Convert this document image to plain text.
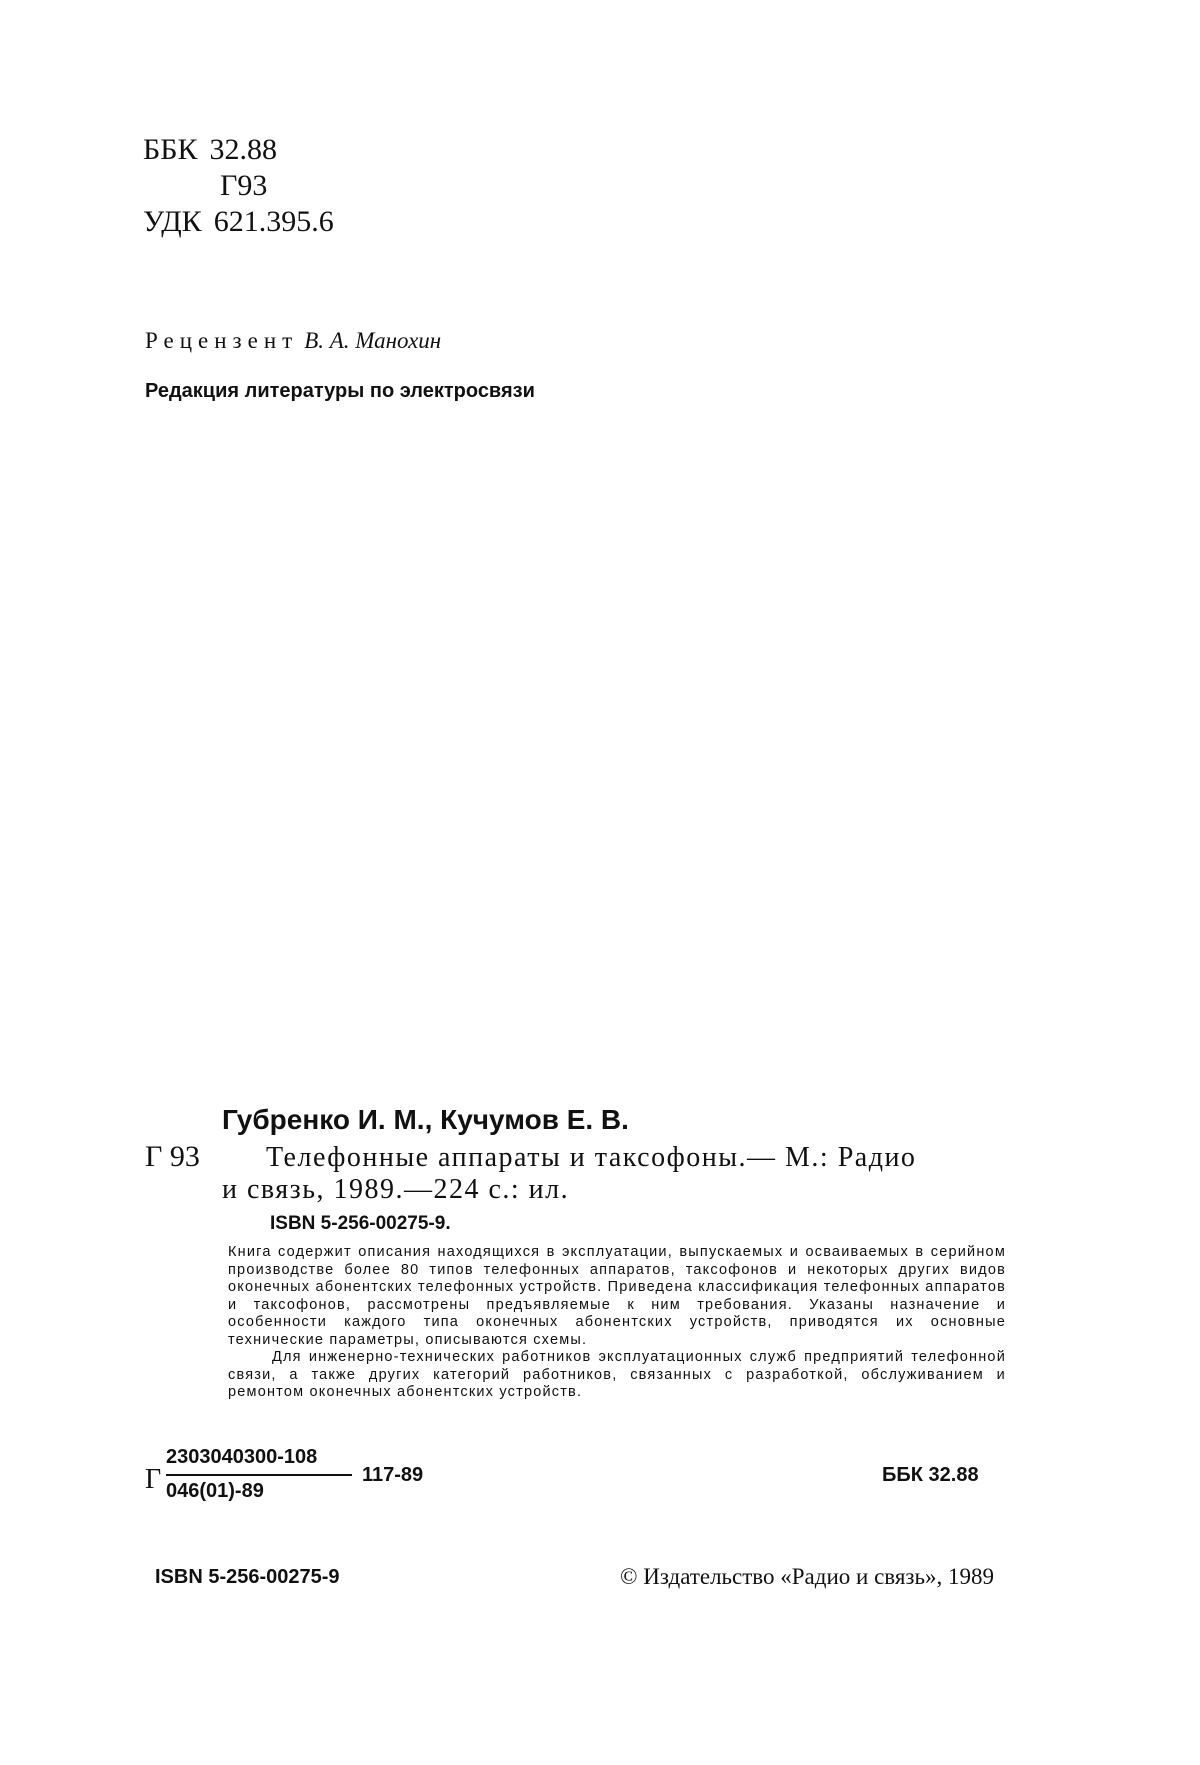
ББК 32.88
Г93
УДК 621.395.6
Рецензент В. А. Манохин
Редакция литературы по электросвязи
Губренко И. М., Кучумов Е. В.
Г 93 Телефонные аппараты и таксофоны.— М.: Радио
и связь, 1989.—224 с.: ил.
ISBN 5-256-00275-9.

Книга содержит описания находящихся в эксплуатации, выпускаемых и осваиваемых в серийном производстве более 80 типов телефонных аппаратов, таксофонов и некоторых других видов оконечных абонентских телефонных устройств. Приведена классификация телефонных аппаратов и таксофонов, рассмотрены предъявляемые к ним требования. Указаны назначение и особенности каждого типа оконечных абонентских устройств, приводятся их основные технические параметры, описываются схемы.

Для инженерно-технических работников эксплуатационных служб предприятий телефонной связи, а также других категорий работников, связанных с разработкой, обслуживанием и ремонтом оконечных абонентских устройств.

Г
2303040300-108
046(01)-89
117-89	ББК 32.88
ISBN 5-256-00275-9	© Издательство «Радио и связь», 1989
